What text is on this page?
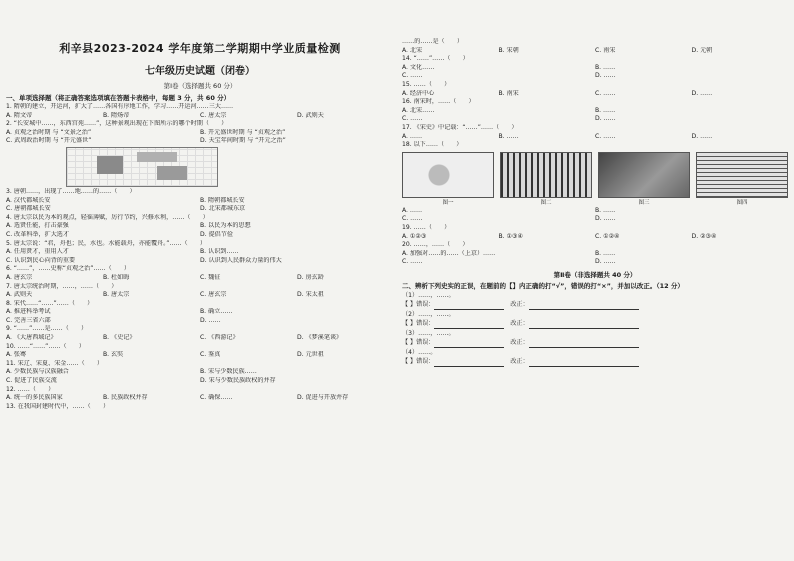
利辛县2023-2024 学年度第二学期期中学业质量检测
七年级历史试题（闭卷）
第Ⅰ卷（选择题共 60 分）
一、单项选择题（将正确答案选项填在答题卡表格中，每题 3 分，共 60 分）
1. 隋朝的建立，开运河，扩大了……各国有序地工作，学习……开运河……三大……
A. 隋文帝	B. 隋炀帝	C. 唐太宗	D. 武则天
2. “长安城中……，东西宫苑……”，这种景观出现在下图所示的哪个时期（　　）
A. 贞观之治时期 与 “文景之治”	B. 开元盛世时期 与 “贞观之治”
C. 武周政治时期 与 “开元盛世”	D. 天宝年间时期 与 “开元之治”
3. 唐朝……，出现了……地……的……（　　）
A. 汉代都城长安	B. 隋朝都城长安
C. 唐朝都城长安	D. 北宋都城东京
4. 唐太宗以民为本的观点，轻徭薄赋，厉行节约，兴修水利，……（　　）
A. 选贤任能，打击豪强	B. 以民为本的思想
C. 改革科举，扩大选才	D. 提倡节俭
5. 唐太宗说：“君，舟也；民，水也。水能载舟，亦能覆舟。”……（　　）
A. 任用贤才，重用人才	B. 认识到……
C. 认识到民心向背的重要	D. 认识到人民群众力量的伟大
6. “……”，……史称“贞观之治”……（　　）
A. 唐玄宗	B. 杜如晦	C. 魏征	D. 房玄龄
7. 唐太宗统治时期，……，……（　　）
A. 武则天	B. 唐太宗	C. 唐玄宗	D. 宋太祖
8. 宋代……“……”……（　　）
A. 推进科举考试	B. 确立……
C. 完善三省六部	D. ……
9. “……”……是……（　　）
A. 《大唐西域记》	B. 《史记》	C. 《西游记》	D. 《梦溪笔谈》
10. ……“……”……（　　）
A. 张骞	B. 玄奘	C. 鉴真	D. 元世祖
11. 宋辽、宋夏、宋金……（　　）
A. 少数民族与汉族融合	B. 宋与少数民族……
C. 促进了民族交流	D. 宋与少数民族政权的并存
12. ……（　　）
A. 统一的多民族国家	B. 民族政权并存	C. 确保……	D. 促进与开放并存
13. 在我国封建时代中，……（　　）
……的……是（　　）
A. 北宋	B. 宋朝	C. 南宋	D. 元朝
14. “……”……（　　）
A. 文化……	B. ……
C. ……	D. ……
15. ……（　　）
A. 经济中心	B. 南宋	C. ……	D. ……
16. 南宋时，……（　　）
A. 北宋……	B. ……
C. ……	D. ……
17. 《宋史》中记载：“……”……（　　）
A. ……	B. ……	C. ……	D. ……
18. 以下……（　　）
图一	图二	图三	图四
A. ……	B. ……
C. ……	D. ……
19. ……（　　）
A. ①②③	B. ①③④	C. ①②④	D. ②③④
20. ……，……（　　）
A. 加强对……的……（上京）……	B. ……
C. ……	D. ……
第Ⅱ卷（非选择题共 40 分）
二、辨析下列史实的正误，在题前的【】内正确的打“√”，错误的打“×”，并加以改正。（12 分）
（1）……，……。
【 】错误：	改正：
（2）……，……。
【 】错误：	改正：
（3）……，……。
【 】错误：	改正：
（4）……。
【 】错误：	改正：
